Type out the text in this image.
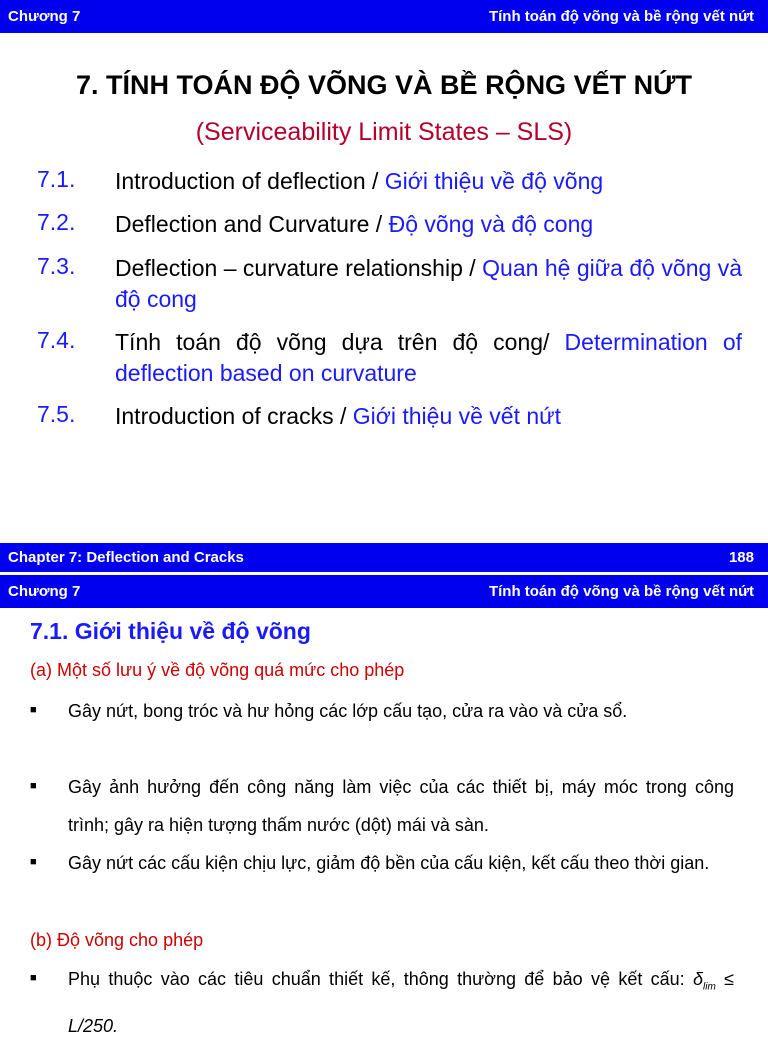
Chương 7	Tính toán độ võng và bề rộng vết nứt
7. TÍNH TOÁN ĐỘ VÕNG VÀ BỀ RỘNG VẾT NỨT
(Serviceability Limit States – SLS)
7.1. Introduction of deflection / Giới thiệu về độ võng
7.2. Deflection and Curvature / Độ võng và độ cong
7.3. Deflection – curvature relationship / Quan hệ giữa độ võng và độ cong
7.4. Tính toán độ võng dựa trên độ cong/ Determination of deflection based on curvature
7.5. Introduction of cracks / Giới thiệu về vết nứt
Chapter 7: Deflection and Cracks	188
Chương 7	Tính toán độ võng và bề rộng vết nứt
7.1. Giới thiệu về độ võng
(a) Một số lưu ý về độ võng quá mức cho phép
■ Gây nứt, bong tróc và hư hỏng các lớp cấu tạo, cửa ra vào và cửa sổ.
■ Gây ảnh hưởng đến công năng làm việc của các thiết bị, máy móc trong công trình; gây ra hiện tượng thấm nước (dột) mái và sàn.
■ Gây nứt các cấu kiện chịu lực, giảm độ bền của cấu kiện, kết cấu theo thời gian.
(b) Độ võng cho phép
■ Phụ thuộc vào các tiêu chuẩn thiết kế, thông thường để bảo vệ kết cấu: $\delta_{lim} \le L/250$.
